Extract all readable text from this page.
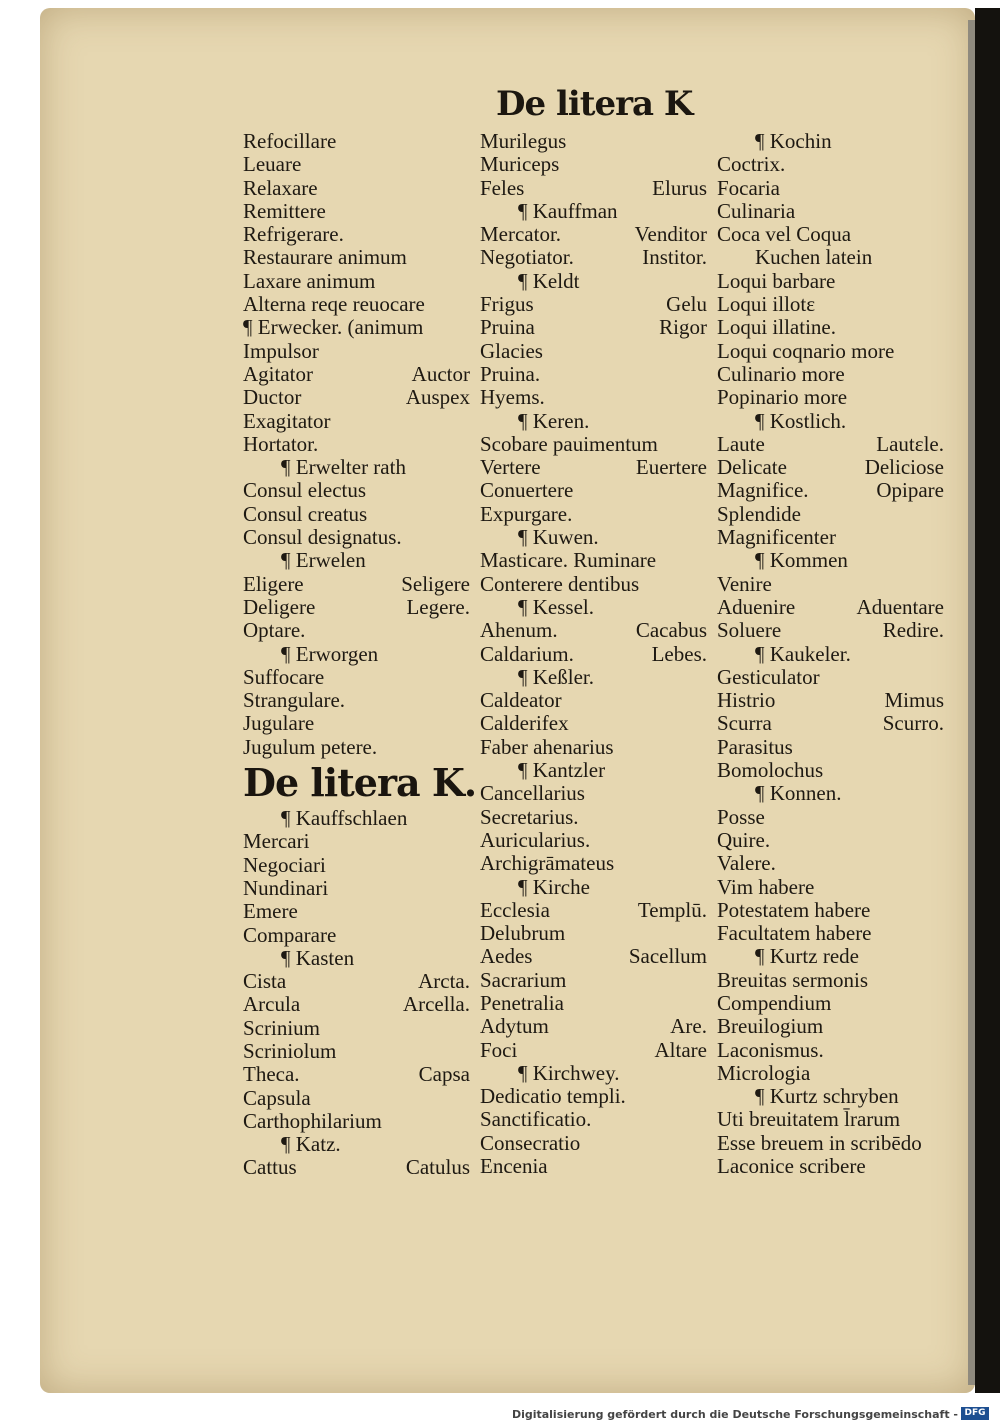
De litera K
Refocillare
Leuare
Relaxare
Remittere
Refrigerare.
Restaurare animum
Laxare animum
Alterna reqe reuocare
¶ Erwecker. (animum
Impulsor
Agitator	Auctor
Ductor	Auspex
Exagitator
Hortator.
¶ Erwelter rath
Consul electus
Consul creatus
Consul designatus.
¶ Erwelen
Eligere	Seligere
Deligere	Legere.
Optare.
¶ Erworgen
Suffocare
Strangulare.
Jugulare
Jugulum petere.
De litera K.
¶ Kauffschlaen
Mercari
Negociari
Nundinari
Emere
Comparare
¶ Kasten
Cista	Arcta.
Arcula	Arcella.
Scrinium
Scriniolum
Theca.	Capsa
Capsula
Carthophilarium
¶ Katz.
Cattus	Catulus
Murilegus
Muriceps
Feles	Elurus
¶ Kauffman
Mercator.	Venditor
Negotiator.	Institor.
¶ Keldt
Frigus	Gelu
Pruina	Rigor
Glacies
Pruina.
Hyems.
¶ Keren.
Scobare pauimentum
Vertere	Euertere
Conuertere
Expurgare.
¶ Kuwen.
Masticare. Ruminare
Conterere dentibus
¶ Kessel.
Ahenum.	Cacabus
Caldarium.	Lebes.
¶ Keßler.
Caldeator
Calderifex
Faber ahenarius
¶ Kantzler
Cancellarius
Secretarius.
Auricularius.
Archigrāmateus
¶ Kirche
Ecclesia	Templū.
Delubrum
Aedes	Sacellum
Sacrarium
Penetralia
Adytum	Are.
Foci	Altare
¶ Kirchwey.
Dedicatio templi.
Sanctificatio.
Consecratio
Encenia
¶ Kochin
Coctrix.
Focaria
Culinaria
Coca vel Coqua
Kuchen latein
Loqui barbare
Loqui illotε
Loqui illatine.
Loqui coqnario more
Culinario more
Popinario more
¶ Kostlich.
Laute	Lautεle.
Delicate	Deliciose
Magnifice.	Opipare
Splendide
Magnificenter
¶ Kommen
Venire
Aduenire	Aduentare
Soluere	Redire.
¶ Kaukeler.
Gesticulator
Histrio	Mimus
Scurra	Scurro.
Parasitus
Bomolochus
¶ Konnen.
Posse
Quire.
Valere.
Vim habere
Potestatem habere
Facultatem habere
¶ Kurtz rede
Breuitas sermonis
Compendium
Breuilogium
Laconismus.
Micrologia
¶ Kurtz schryben
Uti breuitatem l̄rarum
Esse breuem in scribēdo
Laconice scribere
Digitalisierung gefördert durch die Deutsche Forschungsgemeinschaft - DFG
